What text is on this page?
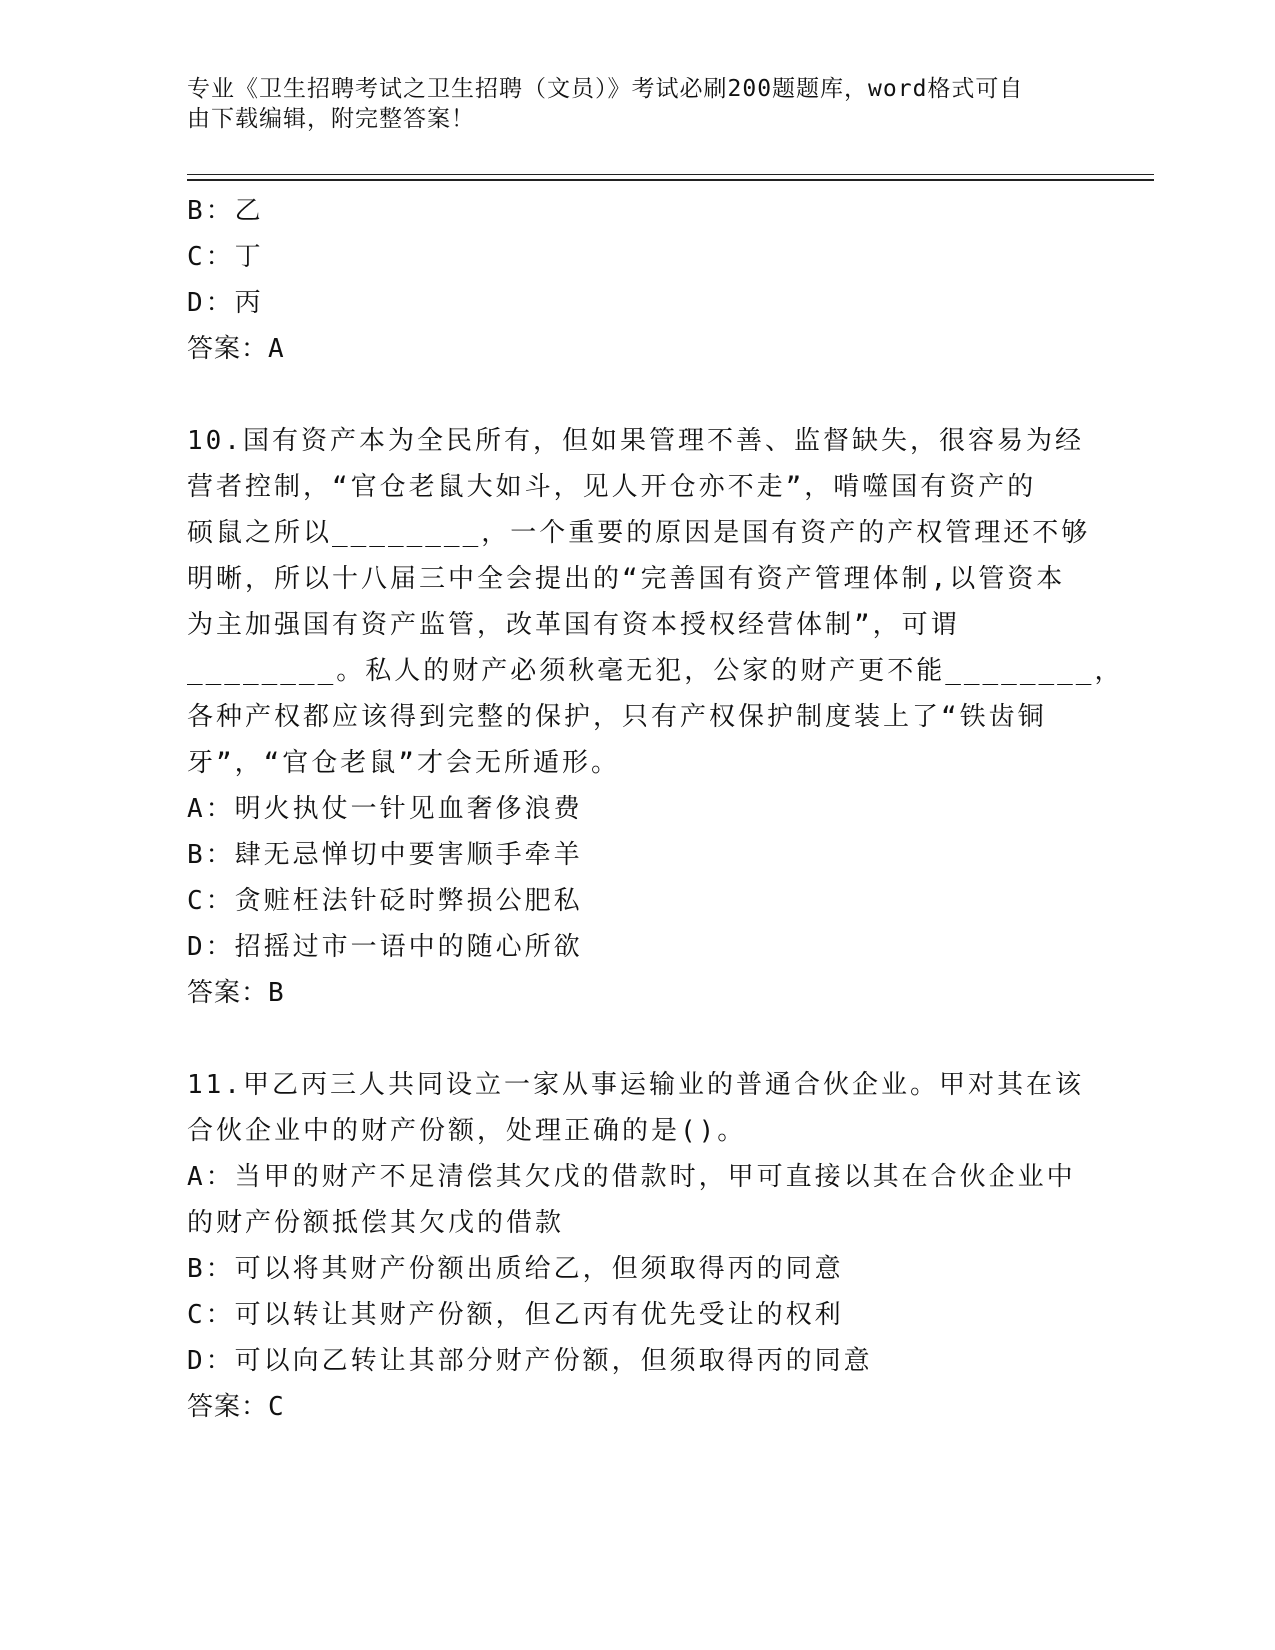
专业《卫生招聘考试之卫生招聘（文员）》考试必刷200题题库，word格式可自
由下载编辑，附完整答案！
B：乙
C：丁
D：丙
答案：A
10.国有资产本为全民所有，但如果管理不善、监督缺失，很容易为经
营者控制，“官仓老鼠大如斗，见人开仓亦不走”，啃噬国有资产的
硕鼠之所以________，一个重要的原因是国有资产的产权管理还不够
明晰，所以十八届三中全会提出的“完善国有资产管理体制,以管资本
为主加强国有资产监管，改革国有资本授权经营体制”，可谓
________。私人的财产必须秋毫无犯，公家的财产更不能________，
各种产权都应该得到完整的保护，只有产权保护制度装上了“铁齿铜
牙”，“官仓老鼠”才会无所遁形。
A：明火执仗一针见血奢侈浪费
B：肆无忌惮切中要害顺手牵羊
C：贪赃枉法针砭时弊损公肥私
D：招摇过市一语中的随心所欲
答案：B
11.甲乙丙三人共同设立一家从事运输业的普通合伙企业。甲对其在该
合伙企业中的财产份额，处理正确的是()。
A：当甲的财产不足清偿其欠戊的借款时，甲可直接以其在合伙企业中
的财产份额抵偿其欠戊的借款
B：可以将其财产份额出质给乙，但须取得丙的同意
C：可以转让其财产份额，但乙丙有优先受让的权利
D：可以向乙转让其部分财产份额，但须取得丙的同意
答案：C
